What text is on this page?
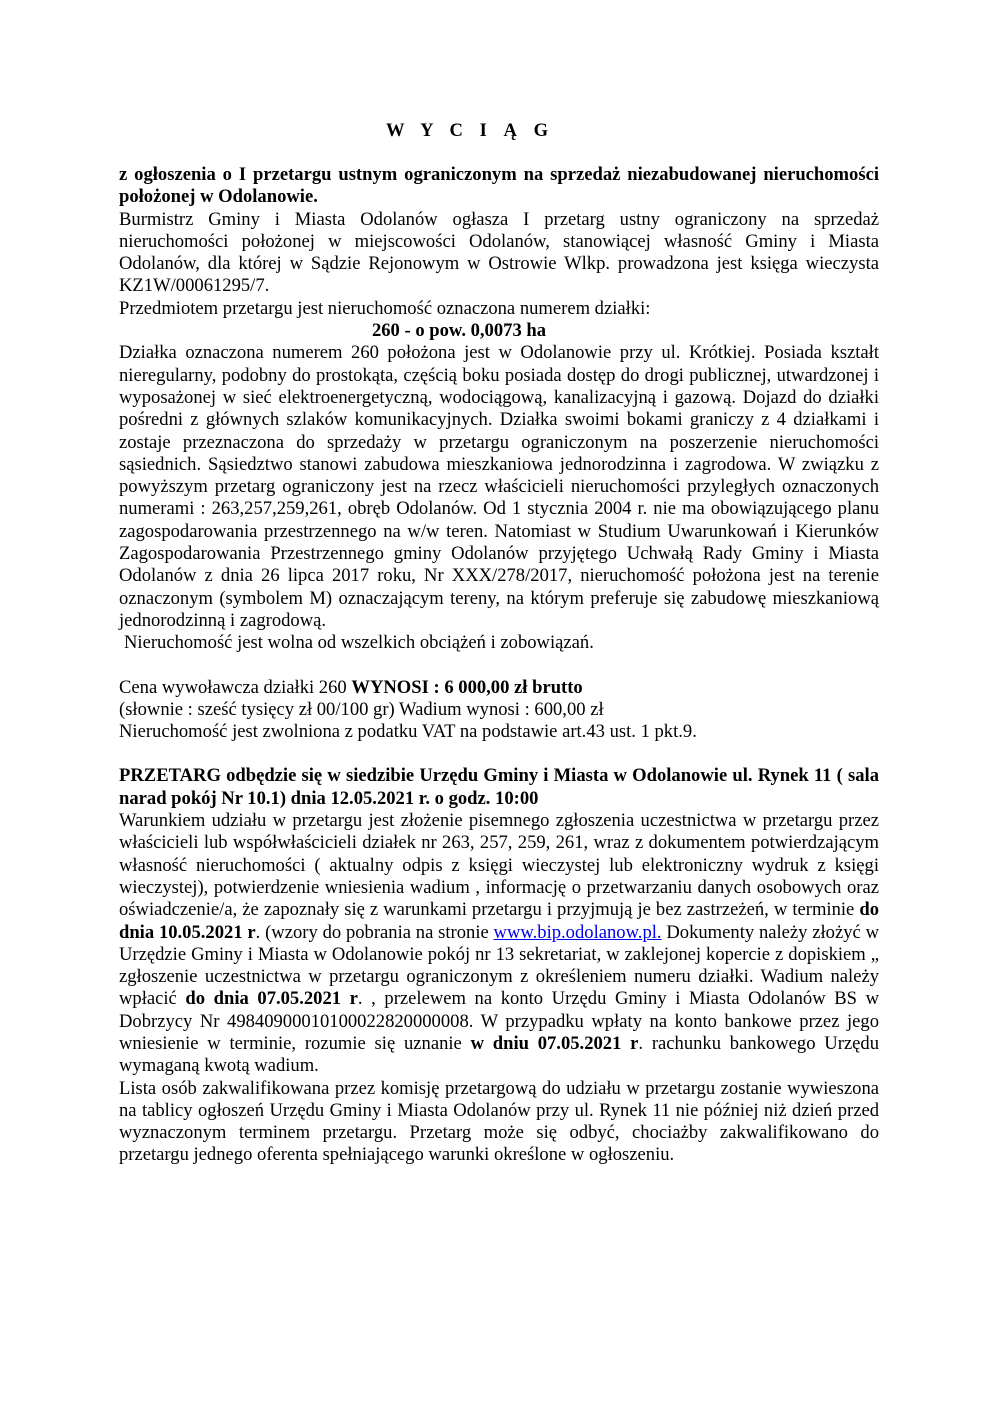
W Y C I Ą G

z ogłoszenia o I przetargu ustnym ograniczonym na sprzedaż niezabudowanej nieruchomości położonej w Odolanowie.

Burmistrz Gminy i Miasta Odolanów ogłasza I przetarg ustny ograniczony na sprzedaż nieruchomości położonej w miejscowości Odolanów, stanowiącej własność Gminy i Miasta Odolanów, dla której w Sądzie Rejonowym w Ostrowie Wlkp. prowadzona jest księga wieczysta KZ1W/00061295/7.

Przedmiotem przetargu jest nieruchomość oznaczona numerem działki:

260 - o pow. 0,0073 ha

Działka oznaczona numerem 260 położona jest w Odolanowie przy ul. Krótkiej. Posiada kształt nieregularny, podobny do prostokąta, częścią boku posiada dostęp do drogi publicznej, utwardzonej i wyposażonej w sieć elektroenergetyczną, wodociągową, kanalizacyjną i gazową. Dojazd do działki pośredni z głównych szlaków komunikacyjnych. Działka swoimi bokami graniczy z 4 działkami i zostaje przeznaczona do sprzedaży w przetargu ograniczonym na poszerzenie nieruchomości sąsiednich. Sąsiedztwo stanowi zabudowa mieszkaniowa jednorodzinna i zagrodowa. W związku z powyższym przetarg ograniczony jest na rzecz właścicieli nieruchomości przyległych oznaczonych numerami : 263,257,259,261, obręb Odolanów. Od 1 stycznia 2004 r. nie ma obowiązującego planu zagospodarowania przestrzennego na w/w teren. Natomiast w Studium Uwarunkowań i Kierunków Zagospodarowania Przestrzennego gminy Odolanów przyjętego Uchwałą Rady Gminy i Miasta Odolanów z dnia 26 lipca 2017 roku, Nr XXX/278/2017, nieruchomość położona jest na terenie oznaczonym (symbolem M) oznaczającym tereny, na którym preferuje się zabudowę mieszkaniową jednorodzinną i zagrodową.

Nieruchomość jest wolna od wszelkich obciążeń i zobowiązań.

Cena wywoławcza działki 260 WYNOSI : 6 000,00 zł brutto

(słownie : sześć tysięcy zł 00/100 gr) Wadium wynosi : 600,00 zł

Nieruchomość jest zwolniona z podatku VAT na podstawie art.43 ust. 1 pkt.9.

PRZETARG odbędzie się w siedzibie Urzędu Gminy i Miasta w Odolanowie ul. Rynek 11 ( sala narad pokój Nr 10.1) dnia 12.05.2021 r. o godz. 10:00

Warunkiem udziału w przetargu jest złożenie pisemnego zgłoszenia uczestnictwa w przetargu przez właścicieli lub współwłaścicieli działek nr 263, 257, 259, 261, wraz z dokumentem potwierdzającym własność nieruchomości ( aktualny odpis z księgi wieczystej lub elektroniczny wydruk z księgi wieczystej), potwierdzenie wniesienia wadium , informację o przetwarzaniu danych osobowych oraz oświadczenie/a, że zapoznały się z warunkami przetargu i przyjmują je bez zastrzeżeń, w terminie do dnia 10.05.2021 r. (wzory do pobrania na stronie www.bip.odolanow.pl. Dokumenty należy złożyć w Urzędzie Gminy i Miasta w Odolanowie pokój nr 13 sekretariat, w zaklejonej kopercie z dopiskiem „ zgłoszenie uczestnictwa w przetargu ograniczonym z określeniem numeru działki. Wadium należy wpłacić do dnia 07.05.2021 r. , przelewem na konto Urzędu Gminy i Miasta Odolanów BS w Dobrzycy Nr 49840900010100022820000008. W przypadku wpłaty na konto bankowe przez jego wniesienie w terminie, rozumie się uznanie w dniu 07.05.2021 r. rachunku bankowego Urzędu wymaganą kwotą wadium.

Lista osób zakwalifikowana przez komisję przetargową do udziału w przetargu zostanie wywieszona na tablicy ogłoszeń Urzędu Gminy i Miasta Odolanów przy ul. Rynek 11 nie później niż dzień przed wyznaczonym terminem przetargu. Przetarg może się odbyć, chociażby zakwalifikowano do przetargu jednego oferenta spełniającego warunki określone w ogłoszeniu.
